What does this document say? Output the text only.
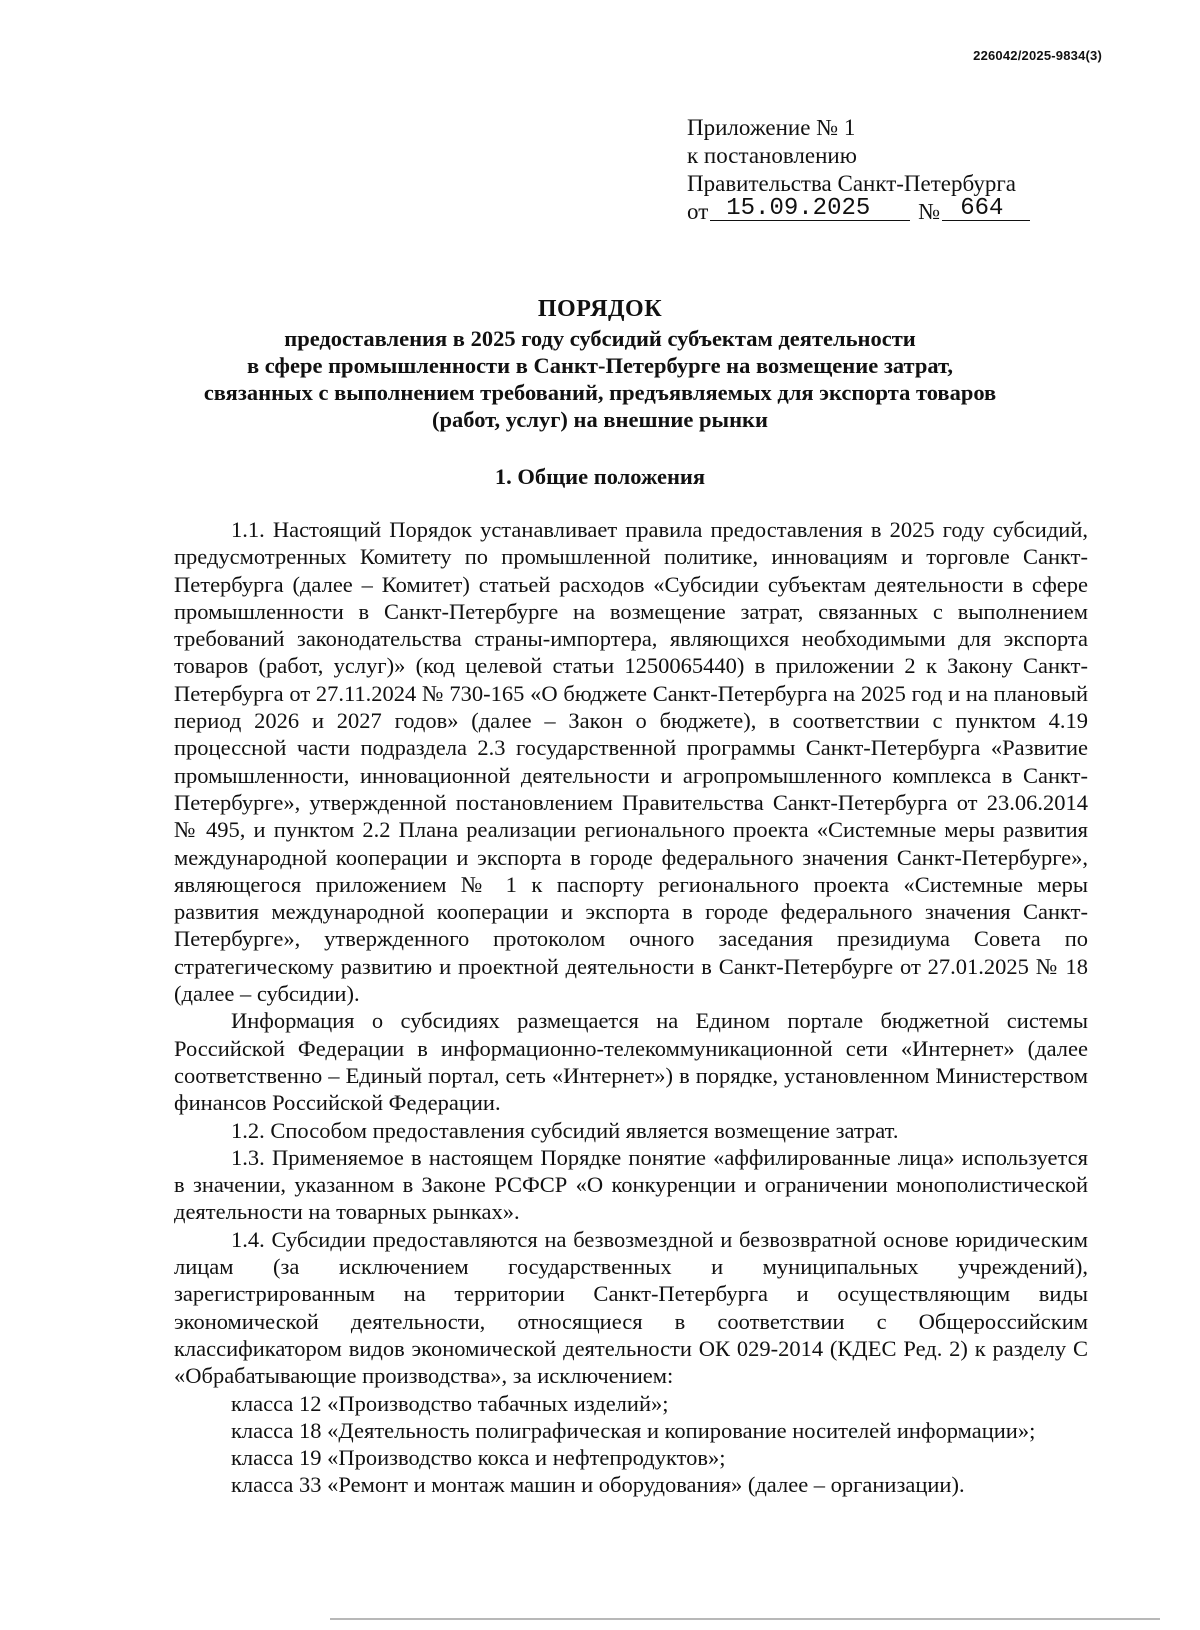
226042/2025-9834(3)
Приложение № 1
к постановлению
Правительства Санкт-Петербурга
от 15.09.2025 № 664
ПОРЯДОК
предоставления в 2025 году субсидий субъектам деятельности
в сфере промышленности в Санкт-Петербурге на возмещение затрат,
связанных с выполнением требований, предъявляемых для экспорта товаров
(работ, услуг) на внешние рынки
1. Общие положения

1.1. Настоящий Порядок устанавливает правила предоставления в 2025 году субсидий, предусмотренных Комитету по промышленной политике, инновациям и торговле Санкт-Петербурга (далее – Комитет) статьей расходов «Субсидии субъектам деятельности в сфере промышленности в Санкт-Петербурге на возмещение затрат, связанных с выполнением требований законодательства страны-импортера, являющихся необходимыми для экспорта товаров (работ, услуг)» (код целевой статьи 1250065440) в приложении 2 к Закону Санкт-Петербурга от 27.11.2024 № 730-165 «О бюджете Санкт-Петербурга на 2025 год и на плановый период 2026 и 2027 годов» (далее – Закон о бюджете), в соответствии с пунктом 4.19 процессной части подраздела 2.3 государственной программы Санкт-Петербурга «Развитие промышленности, инновационной деятельности и агропромышленного комплекса в Санкт-Петербурге», утвержденной постановлением Правительства Санкт-Петербурга от 23.06.2014 № 495, и пунктом 2.2 Плана реализации регионального проекта «Системные меры развития международной кооперации и экспорта в городе федерального значения Санкт-Петербурге», являющегося приложением № 1 к паспорту регионального проекта «Системные меры развития международной кооперации и экспорта в городе федерального значения Санкт-Петербурге», утвержденного протоколом очного заседания президиума Совета по стратегическому развитию и проектной деятельности в Санкт-Петербурге от 27.01.2025 № 18 (далее – субсидии).

Информация о субсидиях размещается на Едином портале бюджетной системы Российской Федерации в информационно-телекоммуникационной сети «Интернет» (далее соответственно – Единый портал, сеть «Интернет») в порядке, установленном Министерством финансов Российской Федерации.

1.2. Способом предоставления субсидий является возмещение затрат.

1.3. Применяемое в настоящем Порядке понятие «аффилированные лица» используется в значении, указанном в Законе РСФСР «О конкуренции и ограничении монополистической деятельности на товарных рынках».

1.4. Субсидии предоставляются на безвозмездной и безвозвратной основе юридическим лицам (за исключением государственных и муниципальных учреждений), зарегистрированным на территории Санкт-Петербурга и осуществляющим виды экономической деятельности, относящиеся в соответствии с Общероссийским классификатором видов экономической деятельности ОК 029-2014 (КДЕС Ред. 2) к разделу С «Обрабатывающие производства», за исключением:

класса 12 «Производство табачных изделий»;

класса 18 «Деятельность полиграфическая и копирование носителей информации»;

класса 19 «Производство кокса и нефтепродуктов»;

класса 33 «Ремонт и монтаж машин и оборудования» (далее – организации).
